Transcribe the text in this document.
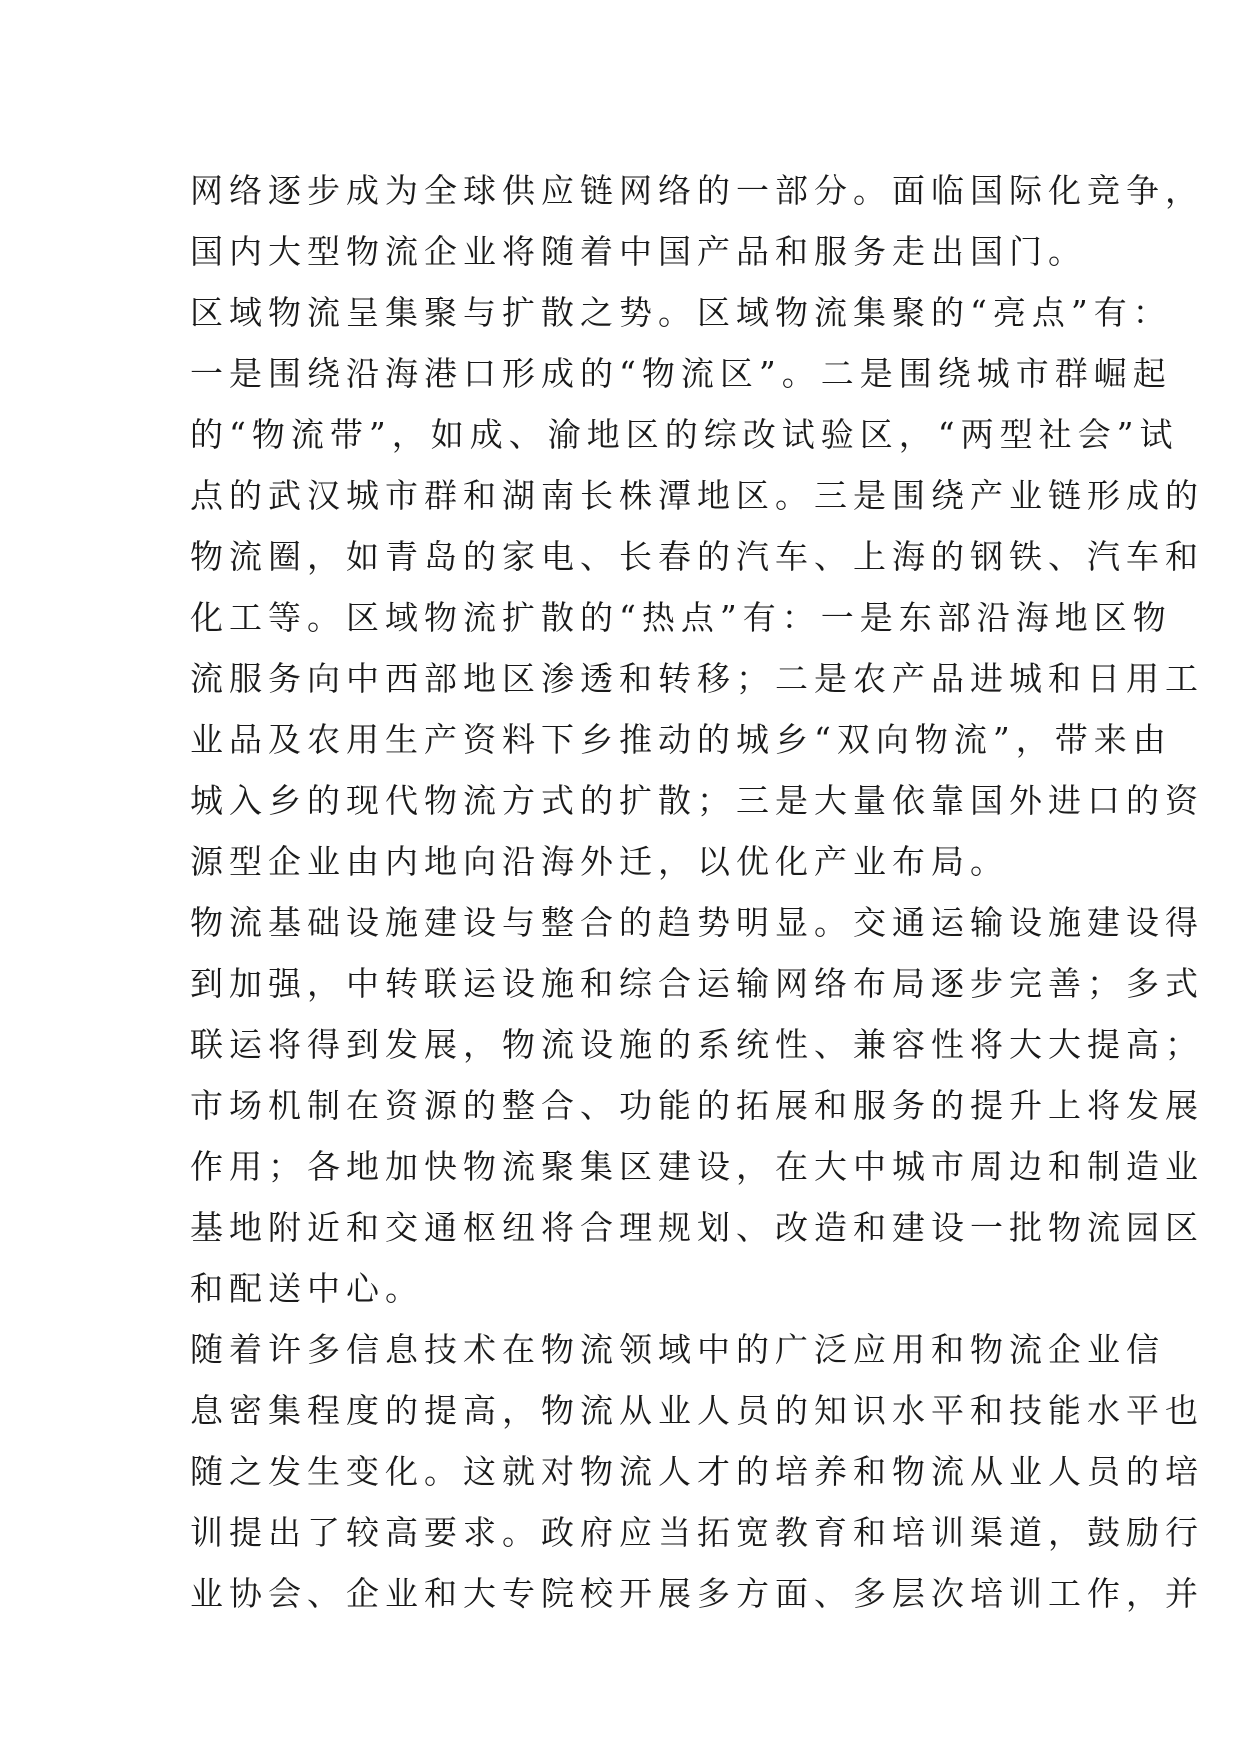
网络逐步成为全球供应链网络的一部分。面临国际化竞争，
国内大型物流企业将随着中国产品和服务走出国门。
区域物流呈集聚与扩散之势。区域物流集聚的“亮点”有：
一是围绕沿海港口形成的“物流区”。二是围绕城市群崛起
的“物流带”，如成、渝地区的综改试验区，“两型社会”试
点的武汉城市群和湖南长株潭地区。三是围绕产业链形成的
物流圈，如青岛的家电、长春的汽车、上海的钢铁、汽车和
化工等。区域物流扩散的“热点”有：一是东部沿海地区物
流服务向中西部地区渗透和转移；二是农产品进城和日用工
业品及农用生产资料下乡推动的城乡“双向物流”，带来由
城入乡的现代物流方式的扩散；三是大量依靠国外进口的资
源型企业由内地向沿海外迁，以优化产业布局。
物流基础设施建设与整合的趋势明显。交通运输设施建设得
到加强，中转联运设施和综合运输网络布局逐步完善；多式
联运将得到发展，物流设施的系统性、兼容性将大大提高；
市场机制在资源的整合、功能的拓展和服务的提升上将发展
作用；各地加快物流聚集区建设，在大中城市周边和制造业
基地附近和交通枢纽将合理规划、改造和建设一批物流园区
和配送中心。
随着许多信息技术在物流领域中的广泛应用和物流企业信
息密集程度的提高，物流从业人员的知识水平和技能水平也
随之发生变化。这就对物流人才的培养和物流从业人员的培
训提出了较高要求。政府应当拓宽教育和培训渠道，鼓励行
业协会、企业和大专院校开展多方面、多层次培训工作，并
